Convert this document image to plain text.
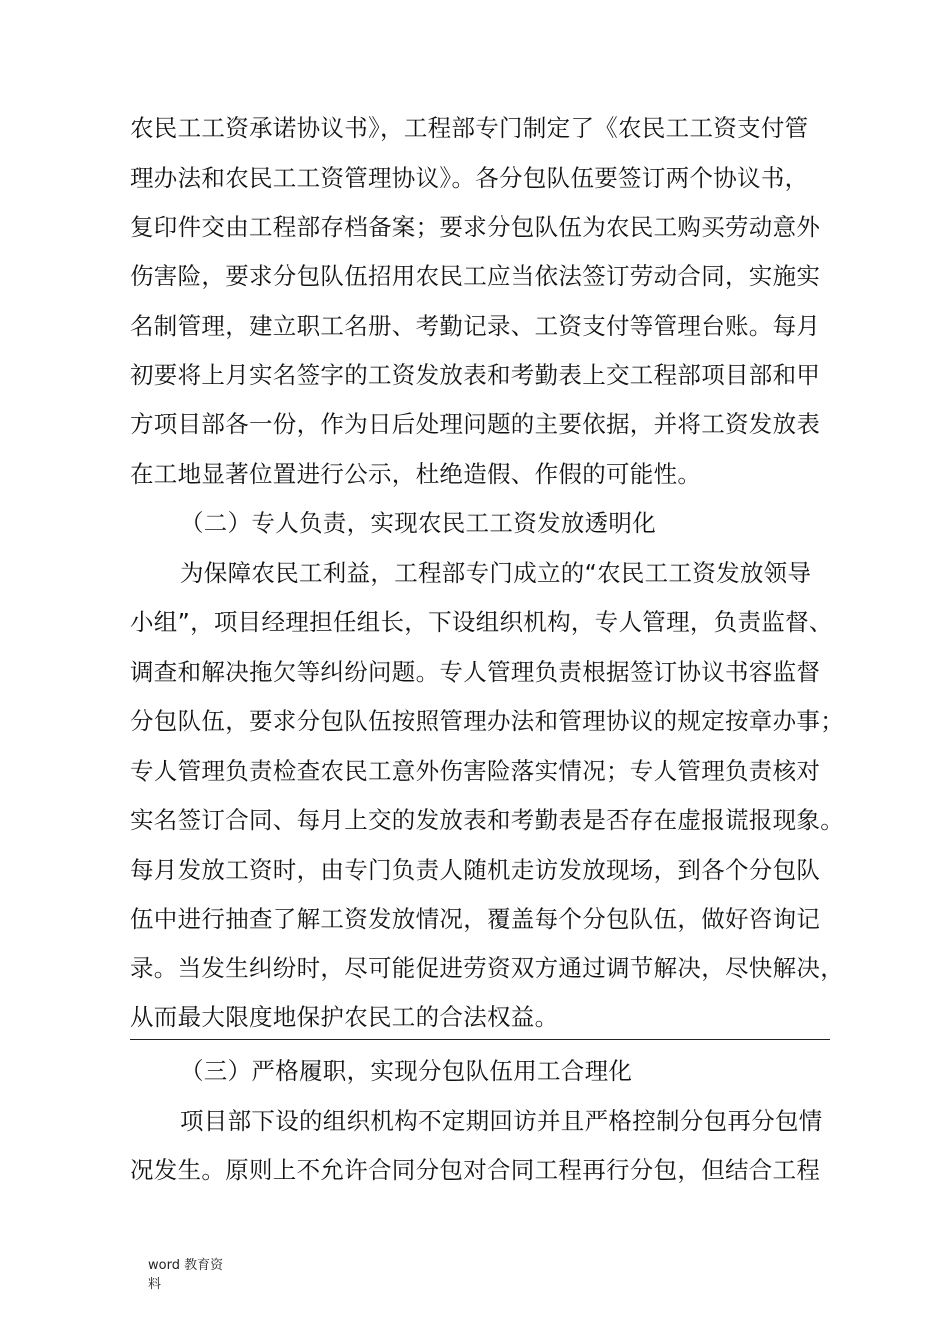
农民工工资承诺协议书》，工程部专门制定了《农民工工资支付管
理办法和农民工工资管理协议》。各分包队伍要签订两个协议书，
复印件交由工程部存档备案；要求分包队伍为农民工购买劳动意外
伤害险，要求分包队伍招用农民工应当依法签订劳动合同，实施实
名制管理，建立职工名册、考勤记录、工资支付等管理台账。每月
初要将上月实名签字的工资发放表和考勤表上交工程部项目部和甲
方项目部各一份，作为日后处理问题的主要依据，并将工资发放表
在工地显著位置进行公示，杜绝造假、作假的可能性。
（二）专人负责，实现农民工工资发放透明化
为保障农民工利益，工程部专门成立的“农民工工资发放领导
小组”，项目经理担任组长，下设组织机构，专人管理，负责监督、
调查和解决拖欠等纠纷问题。专人管理负责根据签订协议书容监督
分包队伍，要求分包队伍按照管理办法和管理协议的规定按章办事；
专人管理负责检查农民工意外伤害险落实情况；专人管理负责核对
实名签订合同、每月上交的发放表和考勤表是否存在虚报谎报现象。
每月发放工资时，由专门负责人随机走访发放现场，到各个分包队
伍中进行抽查了解工资发放情况，覆盖每个分包队伍，做好咨询记
录。当发生纠纷时，尽可能促进劳资双方通过调节解决，尽快解决，
从而最大限度地保护农民工的合法权益。
（三）严格履职，实现分包队伍用工合理化
项目部下设的组织机构不定期回访并且严格控制分包再分包情
况发生。原则上不允许合同分包对合同工程再行分包，但结合工程
word 教育资
料
